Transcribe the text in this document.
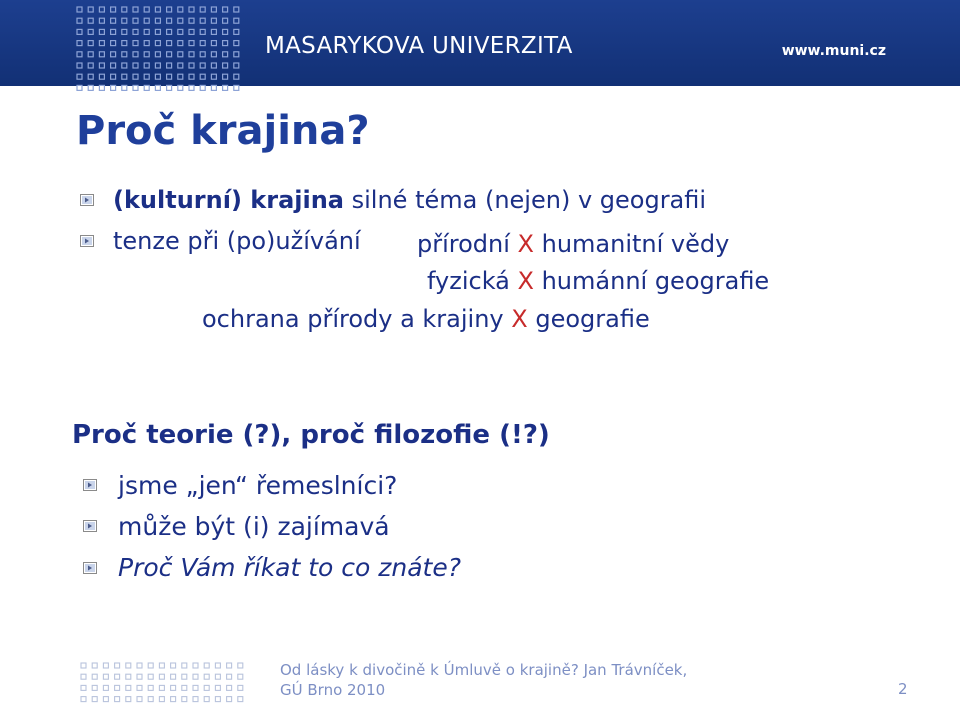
MASARYKOVA UNIVERZITA	www.muni.cz
Proč krajina?
(kulturní) krajina silné téma (nejen) v geografii
tenze při (po)užívání přírodní X humanitní vědy
fyzická X humánní geografie
ochrana přírody a krajiny X geografie
Proč teorie (?), proč filozofie (!?)
jsme „jen“ řemeslníci?
může být (i) zajímavá
Proč Vám říkat to co znáte?
Od lásky k divočině k Úmluvě o krajině? Jan Trávníček,
GÚ Brno 2010	2
